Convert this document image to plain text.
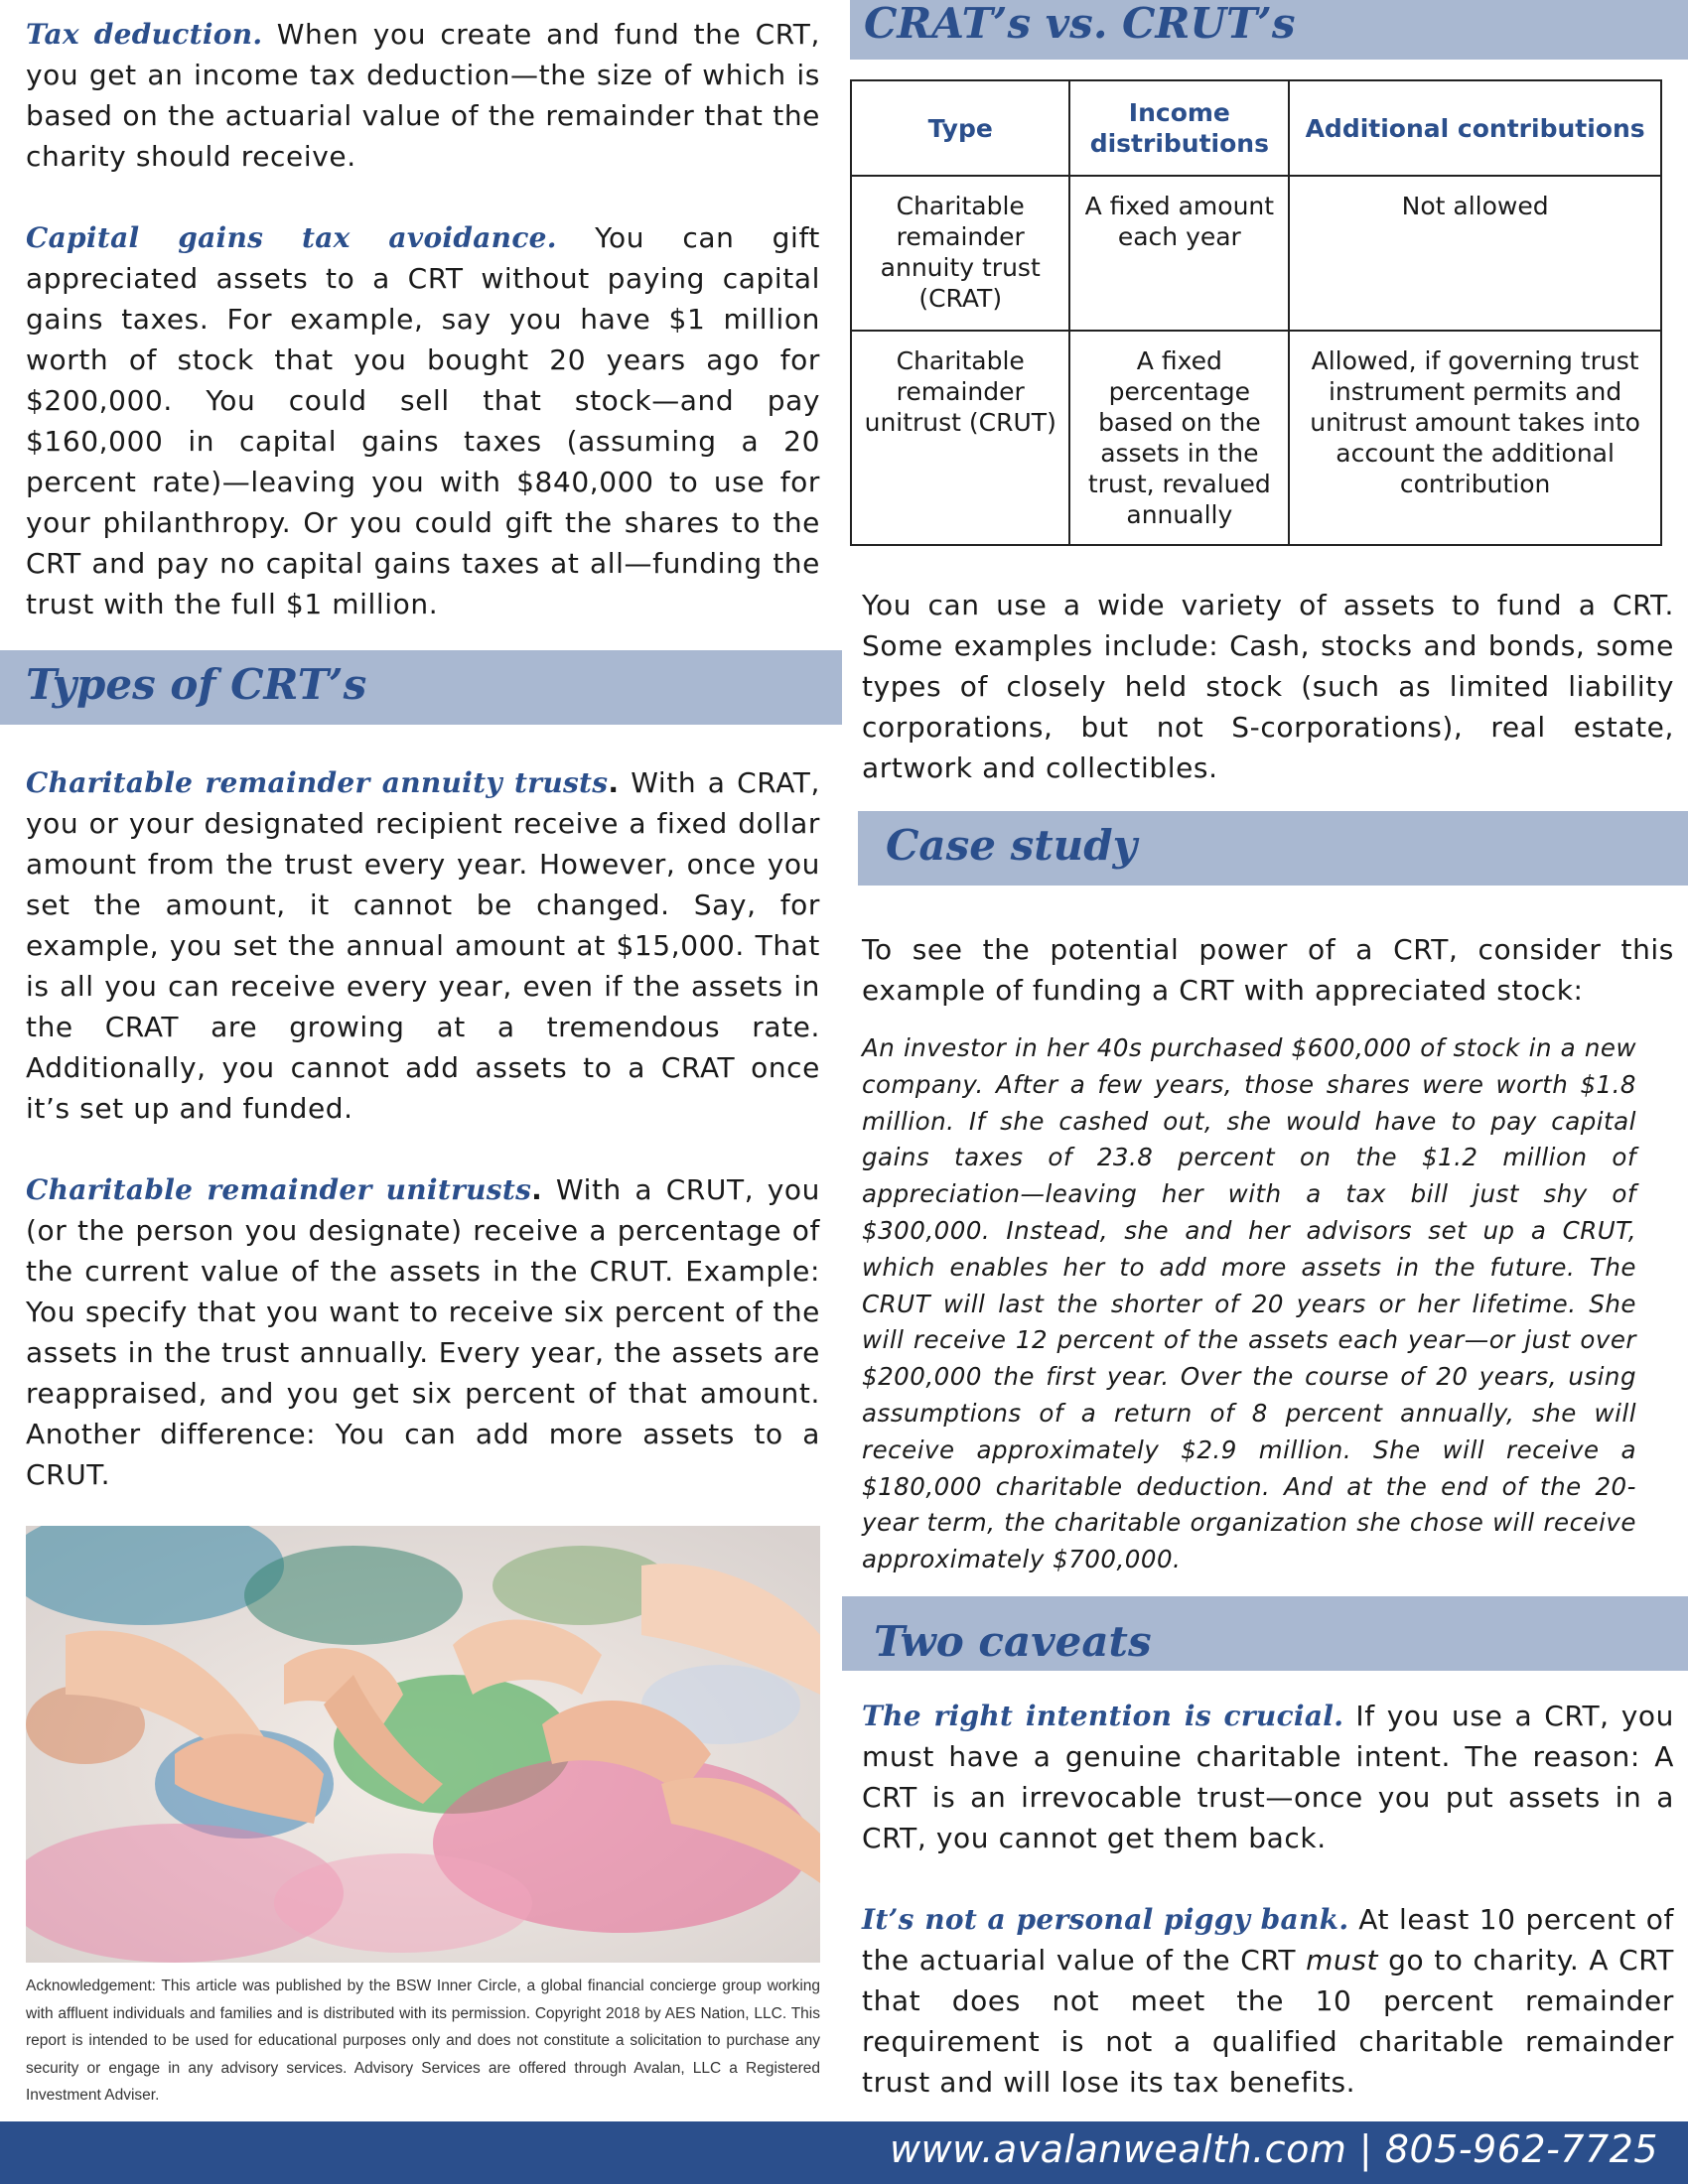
Tax deduction. When you create and fund the CRT, you get an income tax deduction—the size of which is based on the actuarial value of the remainder that the charity should receive.

Capital gains tax avoidance. You can gift appreciated assets to a CRT without paying capital gains taxes. For example, say you have $1 million worth of stock that you bought 20 years ago for $200,000. You could sell that stock—and pay $160,000 in capital gains taxes (assuming a 20 percent rate)—leaving you with $840,000 to use for your philanthropy. Or you could gift the shares to the CRT and pay no capital gains taxes at all—funding the trust with the full $1 million.

Types of CRT’s

Charitable remainder annuity trusts. With a CRAT, you or your designated recipient receive a fixed dollar amount from the trust every year. However, once you set the amount, it cannot be changed. Say, for example, you set the annual amount at $15,000. That is all you can receive every year, even if the assets in the CRAT are growing at a tremendous rate. Additionally, you cannot add assets to a CRAT once it’s set up and funded.

Charitable remainder unitrusts. With a CRUT, you (or the person you designate) receive a percentage of the current value of the assets in the CRUT. Example: You specify that you want to receive six percent of the assets in the trust annually. Every year, the assets are reappraised, and you get six percent of that amount. Another difference: You can add more assets to a CRUT.

Acknowledgement: This article was published by the BSW Inner Circle, a global financial concierge group working with affluent individuals and families and is distributed with its permission. Copyright 2018 by AES Nation, LLC. This report is intended to be used for educational purposes only and does not constitute a solicitation to purchase any security or engage in any advisory services. Advisory Services are offered through Avalan, LLC a Registered Investment Adviser.
CRAT’s vs. CRUT’s
Type	Income distributions	Additional contributions
Charitable remainder annuity trust (CRAT)	A fixed amount each year	Not allowed
Charitable remainder unitrust (CRUT)	A fixed percentage based on the assets in the trust, revalued annually	Allowed, if governing trust instrument permits and unitrust amount takes into account the additional contribution

You can use a wide variety of assets to fund a CRT. Some examples include: Cash, stocks and bonds, some types of closely held stock (such as limited liability corporations, but not S-corporations), real estate, artwork and collectibles.

Case study

To see the potential power of a CRT, consider this example of funding a CRT with appreciated stock:

An investor in her 40s purchased $600,000 of stock in a new company. After a few years, those shares were worth $1.8 million. If she cashed out, she would have to pay capital gains taxes of 23.8 percent on the $1.2 million of appreciation—leaving her with a tax bill just shy of $300,000. Instead, she and her advisors set up a CRUT, which enables her to add more assets in the future. The CRUT will last the shorter of 20 years or her lifetime. She will receive 12 percent of the assets each year—or just over $200,000 the first year. Over the course of 20 years, using assumptions of a return of 8 percent annually, she will receive approximately $2.9 million. She will receive a $180,000 charitable deduction. And at the end of the 20-year term, the charitable organization she chose will receive approximately $700,000.

Two caveats

The right intention is crucial. If you use a CRT, you must have a genuine charitable intent. The reason: A CRT is an irrevocable trust—once you put assets in a CRT, you cannot get them back.

It’s not a personal piggy bank. At least 10 percent of the actuarial value of the CRT must go to charity. A CRT that does not meet the 10 percent remainder requirement is not a qualified charitable remainder trust and will lose its tax benefits.

www.avalanwealth.com | 805-962-7725
